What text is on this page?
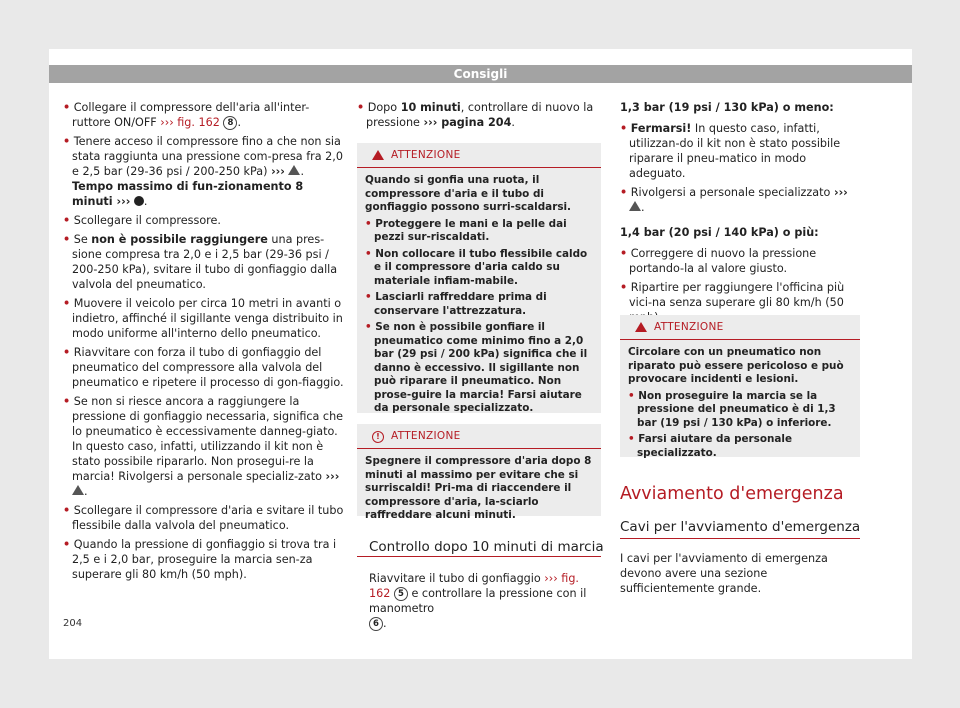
Consigli

• Collegare il compressore dell'aria all'inter-ruttore ON/OFF ››› fig. 162 8 .

• Tenere acceso il compressore fino a che non sia stata raggiunta una pressione com-presa fra 2,0 e 2,5 bar (29-36 psi / 200-250 kPa) ››› . Tempo massimo di fun-zionamento 8 minuti ››› .

• Scollegare il compressore.

• Se non è possibile raggiungere una pres-sione compresa tra 2,0 e i 2,5 bar (29-36 psi / 200-250 kPa), svitare il tubo di gonfiaggio dalla valvola del pneumatico.

• Muovere il veicolo per circa 10 metri in avanti o indietro, affinché il sigillante venga distribuito in modo uniforme all'interno dello pneumatico.

• Riavvitare con forza il tubo di gonfiaggio del pneumatico del compressore alla valvola del pneumatico e ripetere il processo di gon-fiaggio.

• Se non si riesce ancora a raggiungere la pressione di gonfiaggio necessaria, significa che lo pneumatico è eccessivamente danneg-giato. In questo caso, infatti, utilizzando il kit non è stato possibile ripararlo. Non prosegui-re la marcia! Rivolgersi a personale specializ-zato ››› .

• Scollegare il compressore d'aria e svitare il tubo flessibile dalla valvola del pneumatico.

• Quando la pressione di gonfiaggio si trova tra i 2,5 e i 2,0 bar, proseguire la marcia sen-za superare gli 80 km/h (50 mph).

• Dopo 10 minuti, controllare di nuovo la pressione ››› pagina 204.

ATTENZIONE

Quando si gonfia una ruota, il compressore d'aria e il tubo di gonfiaggio possono surri-scaldarsi.

• Proteggere le mani e la pelle dai pezzi sur-riscaldati.

• Non collocare il tubo flessibile caldo e il compressore d'aria caldo su materiale infiam-mabile.

• Lasciarli raffreddare prima di conservare l'attrezzatura.

• Se non è possibile gonfiare il pneumatico come minimo fino a 2,0 bar (29 psi / 200 kPa) significa che il danno è eccessivo. Il sigillante non può riparare il pneumatico. Non prose-guire la marcia! Farsi aiutare da personale specializzato.

!	ATTENZIONE

Spegnere il compressore d'aria dopo 8 minuti al massimo per evitare che si surriscaldi! Pri-ma di riaccendere il compressore d'aria, la-sciarlo raffreddare alcuni minuti.

Controllo dopo 10 minuti di marcia

Riavvitare il tubo di gonfiaggio ››› fig. 162 5 e controllare la pressione con il manometro
6 .

1,3 bar (19 psi / 130 kPa) o meno:

• Fermarsi! In questo caso, infatti, utilizzan-do il kit non è stato possibile riparare il pneu-matico in modo adeguato.

• Rivolgersi a personale specializzato ››› .

1,4 bar (20 psi / 140 kPa) o più:

• Correggere di nuovo la pressione portando-la al valore giusto.

• Ripartire per raggiungere l'officina più vici-na senza superare gli 80 km/h (50

ATTENZIONE

Circolare con un pneumatico non riparato può essere pericoloso e può provocare incidenti e lesioni.

• Non proseguire la marcia se la pressione del pneumatico è di 1,3 bar (19 psi / 130 kPa) o inferiore.

• Farsi aiutare da personale specializzato.

Avviamento d'emergenza
Cavi per l'avviamento d'emergenza

I cavi per l'avviamento di emergenza devono avere una sezione sufficientemente grande.

204
